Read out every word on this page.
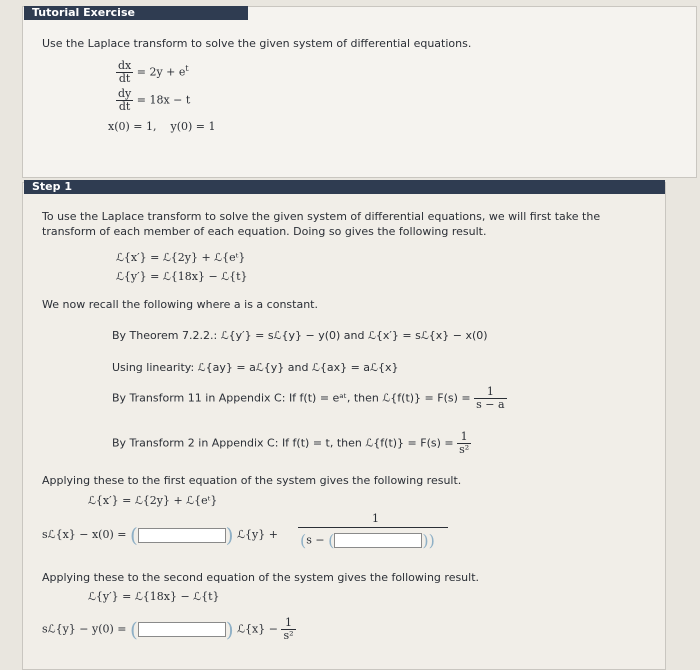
Tutorial Exercise
Use the Laplace transform to solve the given system of differential equations.
$\frac{dx}{dt} = 2y + e^t$
$\frac{dy}{dt} = 18x - t$
x(0) = 1,    y(0) = 1
Step 1
To use the Laplace transform to solve the given system of differential equations, we will first take the transform of each member of each equation. Doing so gives the following result.
ℒ{x′} = ℒ{2y} + ℒ{eᵗ}
ℒ{y′} = ℒ{18x} − ℒ{t}
We now recall the following where a is a constant.
By Theorem 7.2.2.: ℒ{y′} = sℒ{y} − y(0) and ℒ{x′} = sℒ{x} − x(0)
Using linearity: ℒ{ay} = aℒ{y} and ℒ{ax} = aℒ{x}
By Transform 11 in Appendix C: If f(t) = eᵃᵗ, then ℒ{f(t)} = $F(s) = \frac{1}{s - a}$
By Transform 2 in Appendix C: If f(t) = t, then ℒ{f(t)} = $F(s) = \frac{1}{\text{s²}}$
Applying these to the first equation of the system gives the following result.
ℒ{x′} = ℒ{2y} + ℒ{eᵗ}
sℒ{x} − x(0) = (	) ℒ{y} +
1
(s − (	))
Applying these to the second equation of the system gives the following result.
ℒ{y′} = ℒ{18x} − ℒ{t}
sℒ{y} − y(0) = (	) ℒ{x} − $\frac{1}{\text{s²}}$
